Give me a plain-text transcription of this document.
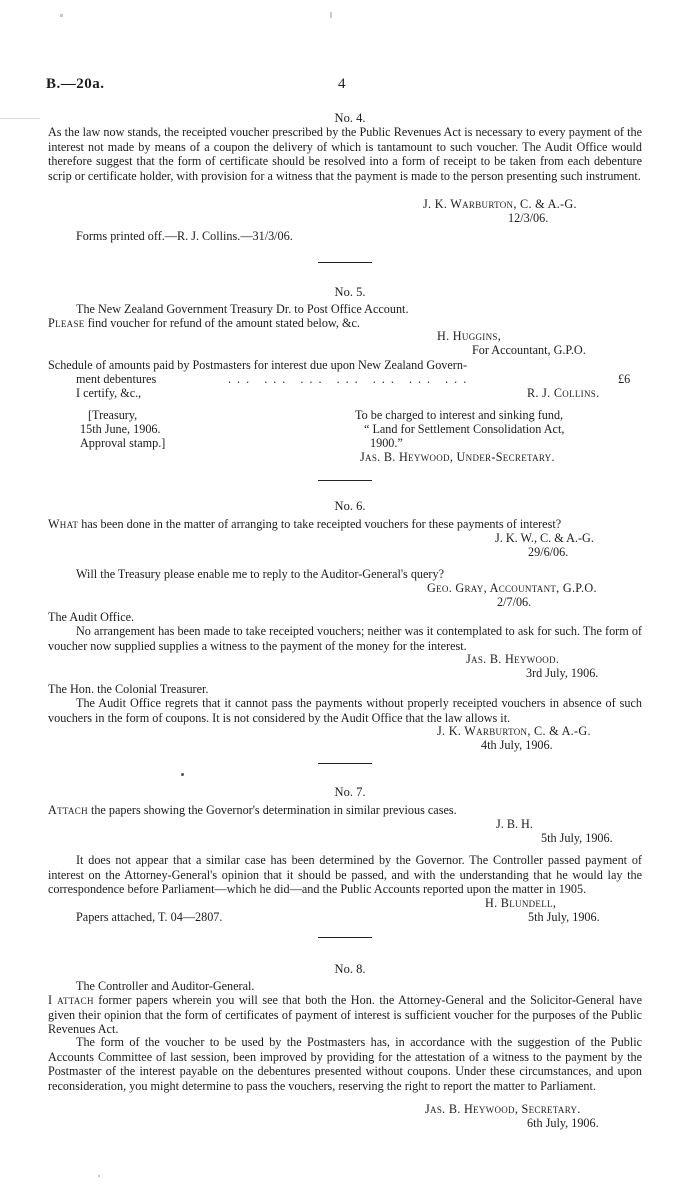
B.—20a.	4
No. 4.
As the law now stands, the receipted voucher prescribed by the Public Revenues Act is necessary to every payment of the interest not made by means of a coupon the delivery of which is tantamount to such voucher. The Audit Office would therefore suggest that the form of certificate should be resolved into a form of receipt to be taken from each debenture scrip or certificate holder, with provision for a witness that the payment is made to the person presenting such instrument.
J. K. Warburton, C. & A.-G.
12/3/06.
Forms printed off.—R. J. Collins.—31/3/06.
No. 5.
The New Zealand Government Treasury Dr. to Post Office Account.
Please find voucher for refund of the amount stated below, &c.
H. Huggins,
For Accountant, G.P.O.
Schedule of amounts paid by Postmasters for interest due upon New Zealand Govern-
ment debentures	... ... ... ... ... ... ...	£6
I certify, &c.,	R. J. Collins.
[Treasury,
15th June, 1906.
Approval stamp.]
To be charged to interest and sinking fund,
“ Land for Settlement Consolidation Act,
1900.”
Jas. B. Heywood, Under-Secretary.
No. 6.
What has been done in the matter of arranging to take receipted vouchers for these payments of interest?
J. K. W., C. & A.-G.
29/6/06.
Will the Treasury please enable me to reply to the Auditor-General's query?
Geo. Gray, Accountant, G.P.O.
2/7/06.
The Audit Office.
No arrangement has been made to take receipted vouchers; neither was it contemplated to ask for such. The form of voucher now supplied supplies a witness to the payment of the money for the interest.
Jas. B. Heywood.
3rd July, 1906.
The Hon. the Colonial Treasurer.
The Audit Office regrets that it cannot pass the payments without properly receipted vouchers in absence of such vouchers in the form of coupons. It is not considered by the Audit Office that the law allows it.
J. K. Warburton, C. & A.-G.
4th July, 1906.
No. 7.
Attach the papers showing the Governor's determination in similar previous cases.
J. B. H.
5th July, 1906.
It does not appear that a similar case has been determined by the Governor. The Controller passed payment of interest on the Attorney-General's opinion that it should be passed, and with the understanding that he would lay the correspondence before Parliament—which he did—and the Public Accounts reported upon the matter in 1905.
H. Blundell,
Papers attached, T. 04—2807.	5th July, 1906.
No. 8.
The Controller and Auditor-General.
I attach former papers wherein you will see that both the Hon. the Attorney-General and the Solicitor-General have given their opinion that the form of certificates of payment of interest is sufficient voucher for the purposes of the Public Revenues Act.
The form of the voucher to be used by the Postmasters has, in accordance with the suggestion of the Public Accounts Committee of last session, been improved by providing for the attestation of a witness to the payment by the Postmaster of the interest payable on the debentures presented without coupons. Under these circumstances, and upon reconsideration, you might determine to pass the vouchers, reserving the right to report the matter to Parliament.
Jas. B. Heywood, Secretary.
6th July, 1906.
